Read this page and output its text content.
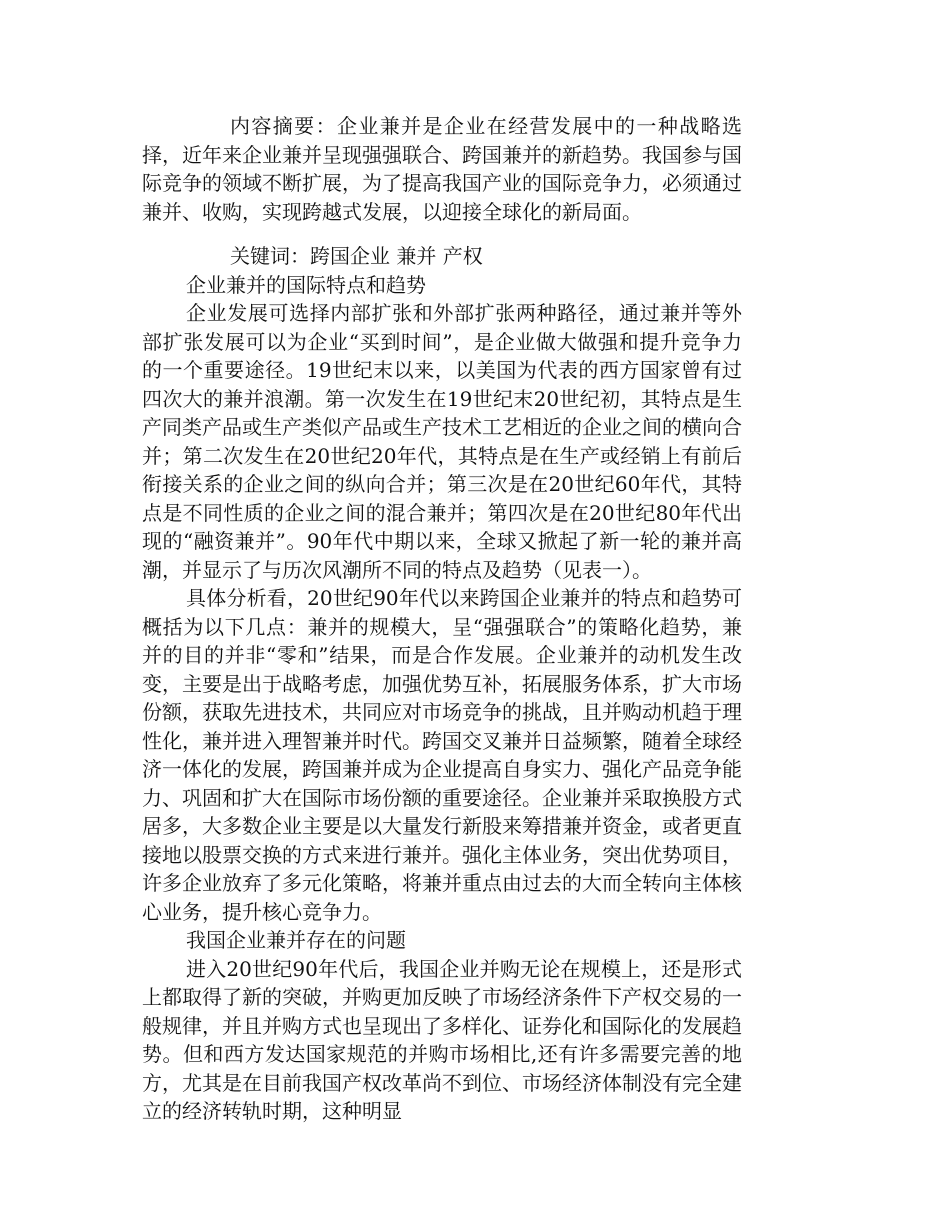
内容摘要：企业兼并是企业在经营发展中的一种战略选择，近年来企业兼并呈现强强联合、跨国兼并的新趋势。我国参与国际竞争的领域不断扩展，为了提高我国产业的国际竞争力，必须通过兼并、收购，实现跨越式发展，以迎接全球化的新局面。

关键词：跨国企业 兼并 产权

企业兼并的国际特点和趋势

企业发展可选择内部扩张和外部扩张两种路径，通过兼并等外部扩张发展可以为企业“买到时间”，是企业做大做强和提升竞争力的一个重要途径。19世纪末以来，以美国为代表的西方国家曾有过四次大的兼并浪潮。第一次发生在19世纪末20世纪初，其特点是生产同类产品或生产类似产品或生产技术工艺相近的企业之间的横向合并；第二次发生在20世纪20年代，其特点是在生产或经销上有前后衔接关系的企业之间的纵向合并；第三次是在20世纪60年代，其特点是不同性质的企业之间的混合兼并；第四次是在20世纪80年代出现的“融资兼并”。90年代中期以来，全球又掀起了新一轮的兼并高潮，并显示了与历次风潮所不同的特点及趋势（见表一）。

具体分析看，20世纪90年代以来跨国企业兼并的特点和趋势可概括为以下几点：兼并的规模大，呈“强强联合”的策略化趋势，兼并的目的并非“零和”结果，而是合作发展。企业兼并的动机发生改变，主要是出于战略考虑，加强优势互补，拓展服务体系，扩大市场份额，获取先进技术，共同应对市场竞争的挑战，且并购动机趋于理性化，兼并进入理智兼并时代。跨国交叉兼并日益频繁，随着全球经济一体化的发展，跨国兼并成为企业提高自身实力、强化产品竞争能力、巩固和扩大在国际市场份额的重要途径。企业兼并采取换股方式居多，大多数企业主要是以大量发行新股来筹措兼并资金，或者更直接地以股票交换的方式来进行兼并。强化主体业务，突出优势项目，许多企业放弃了多元化策略，将兼并重点由过去的大而全转向主体核心业务，提升核心竞争力。

我国企业兼并存在的问题

进入20世纪90年代后，我国企业并购无论在规模上，还是形式上都取得了新的突破，并购更加反映了市场经济条件下产权交易的一般规律，并且并购方式也呈现出了多样化、证券化和国际化的发展趋势。但和西方发达国家规范的并购市场相比,还有许多需要完善的地方，尤其是在目前我国产权改革尚不到位、市场经济体制没有完全建立的经济转轨时期，这种明显
